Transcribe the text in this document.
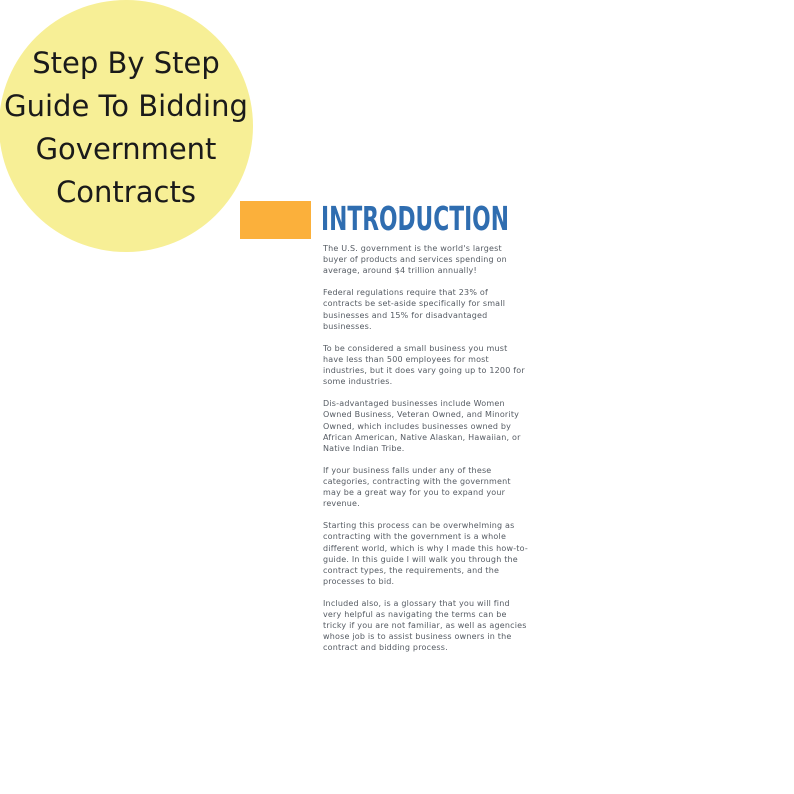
Step By Step
Guide To Bidding
Government
Contracts
INTRODUCTION

The U.S. government is the world's largest buyer of products and services spending on average, around $4 trillion annually!

Federal regulations require that 23% of contracts be set-aside specifically for small businesses and 15% for disadvantaged businesses.

To be considered a small business you must have less than 500 employees for most industries, but it does vary going up to 1200 for some industries.

Dis-advantaged businesses include Women Owned Business, Veteran Owned, and Minority Owned, which includes businesses owned by African American, Native Alaskan, Hawaiian, or Native Indian Tribe.

If your business falls under any of these categories, contracting with the government may be a great way for you to expand your revenue.

Starting this process can be overwhelming as contracting with the government is a whole different world, which is why I made this how-to-guide. In this guide I will walk you through the contract types, the requirements, and the processes to bid.

Included also, is a glossary that you will find very helpful as navigating the terms can be tricky if you are not familiar, as well as agencies whose job is to assist business owners in the contract and bidding process.
